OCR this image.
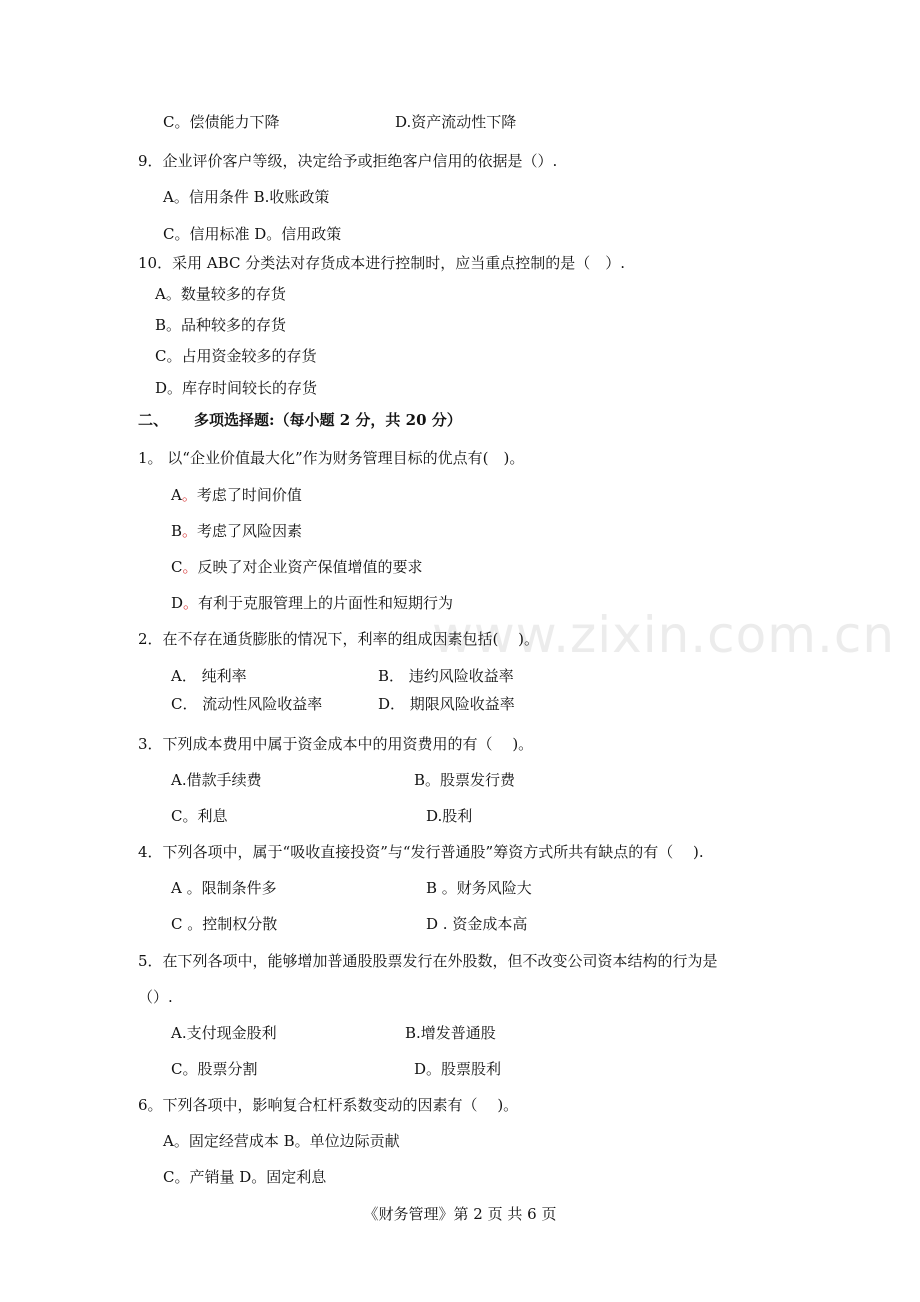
www.zixin.com.cn
C。偿债能力下降	D.资产流动性下降
9．企业评价客户等级，决定给予或拒绝客户信用的依据是（）.
A。信用条件 B.收账政策
C。信用标准 D。信用政策
10．采用 ABC 分类法对存货成本进行控制时，应当重点控制的是（　）.
A。数量较多的存货
B。品种较多的存货
C。占用资金较多的存货
D。库存时间较长的存货
二、 多项选择题:（每小题 2 分，共 20 分）
1。 以“企业价值最大化”作为财务管理目标的优点有(　)。
A。考虑了时间价值
B。考虑了风险因素
C。反映了对企业资产保值增值的要求
D。有利于克服管理上的片面性和短期行为
2．在不存在通货膨胀的情况下，利率的组成因素包括(　 )。
A． 纯利率	B． 违约风险收益率
C． 流动性风险收益率	D． 期限风险收益率
3．下列成本费用中属于资金成本中的用资费用的有（　 )。
A.借款手续费	B。股票发行费
C。利息	D.股利
4．下列各项中，属于“吸收直接投资”与“发行普通股”筹资方式所共有缺点的有（　 ).
A 。限制条件多	B 。财务风险大
C 。控制权分散	D . 资金成本高
5．在下列各项中，能够增加普通股股票发行在外股数，但不改变公司资本结构的行为是
（）.
A.支付现金股利	B.增发普通股
C。股票分割	D。股票股利
6。下列各项中，影响复合杠杆系数变动的因素有（　 )。
A。固定经营成本 B。单位边际贡献
C。产销量 D。固定利息
《财务管理》第 2 页 共 6 页
